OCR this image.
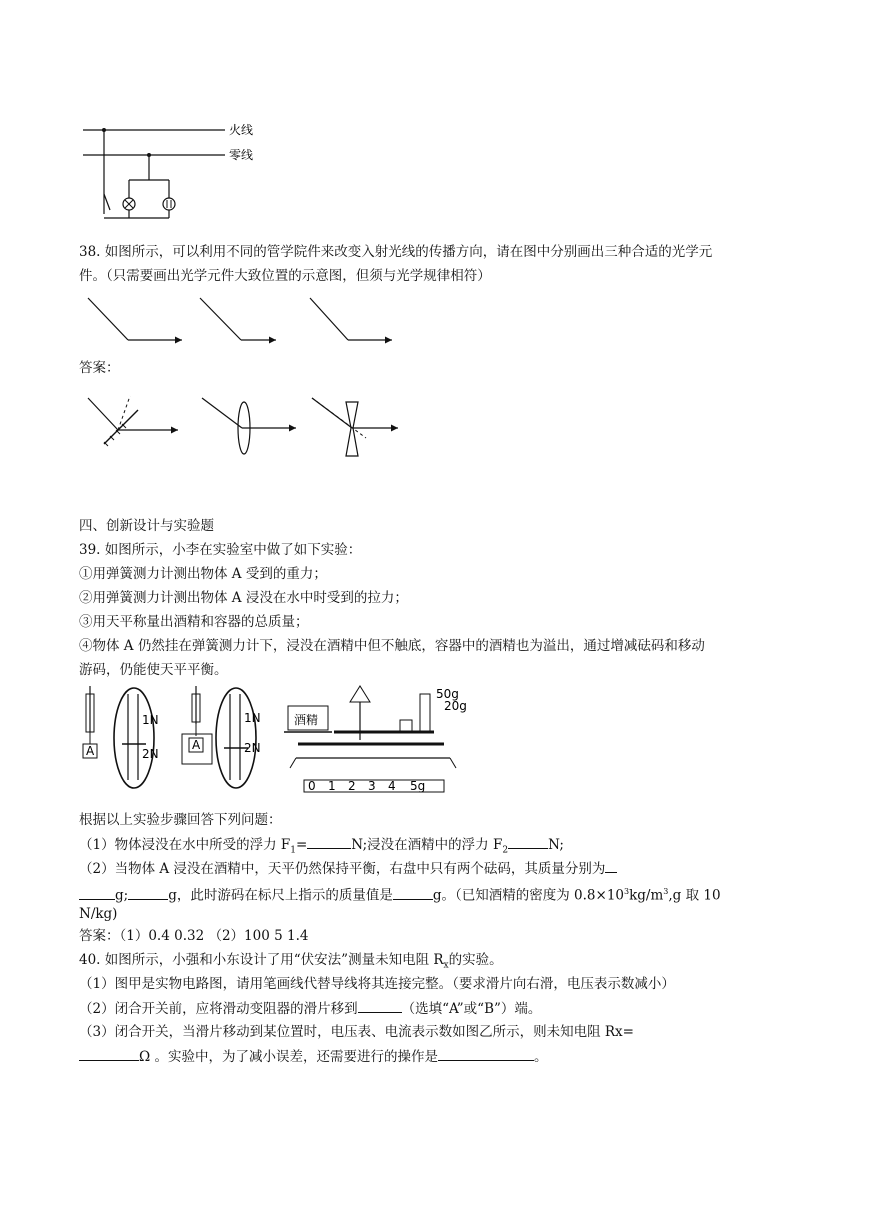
火线
零线
38. 如图所示，可以利用不同的管学院件来改变入射光线的传播方向，请在图中分别画出三种合适的光学元
件。（只需要画出光学元件大致位置的示意图，但须与光学规律相符）
答案：
四、创新设计与实验题
39. 如图所示，小李在实验室中做了如下实验：
①用弹簧测力计测出物体 A 受到的重力；
②用弹簧测力计测出物体 A 浸没在水中时受到的拉力；
③用天平称量出酒精和容器的总质量；
④物体 A 仍然挂在弹簧测力计下，浸没在酒精中但不触底，容器中的酒精也为溢出，通过增减砝码和移动
游码，仍能使天平平衡。
A
1N
2N
A
1N
2N
酒精
50g
20g
0 1 2 3 4 5g
根据以上实验步骤回答下列问题：
（1）物体浸没在水中所受的浮力 $F_1=$	N;浸没在酒精中的浮力 $F_2$	N;
（2）当物体 A 浸没在酒精中，天平仍然保持平衡，右盘中只有两个砝码，其质量分别为
g;	g，此时游码在标尺上指示的质量值是	g。（已知酒精的密度为 $0.8\times 10^3kg/m^3,g$ 取 10
N/kg)
答案：（1）0.4 0.32 （2）100 5 1.4
40. 如图所示，小强和小东设计了用“伏安法”测量未知电阻 $R_x$的实验。
（1）图甲是实物电路图，请用笔画线代替导线将其连接完整。（要求滑片向右滑，电压表示数减小）
（2）闭合开关前，应将滑动变阻器的滑片移到	（选填“A”或“B”）端。
（3）闭合开关，当滑片移动到某位置时，电压表、电流表示数如图乙所示，则未知电阻 Rx=
Ω 。实验中，为了减小误差，还需要进行的操作是	。
